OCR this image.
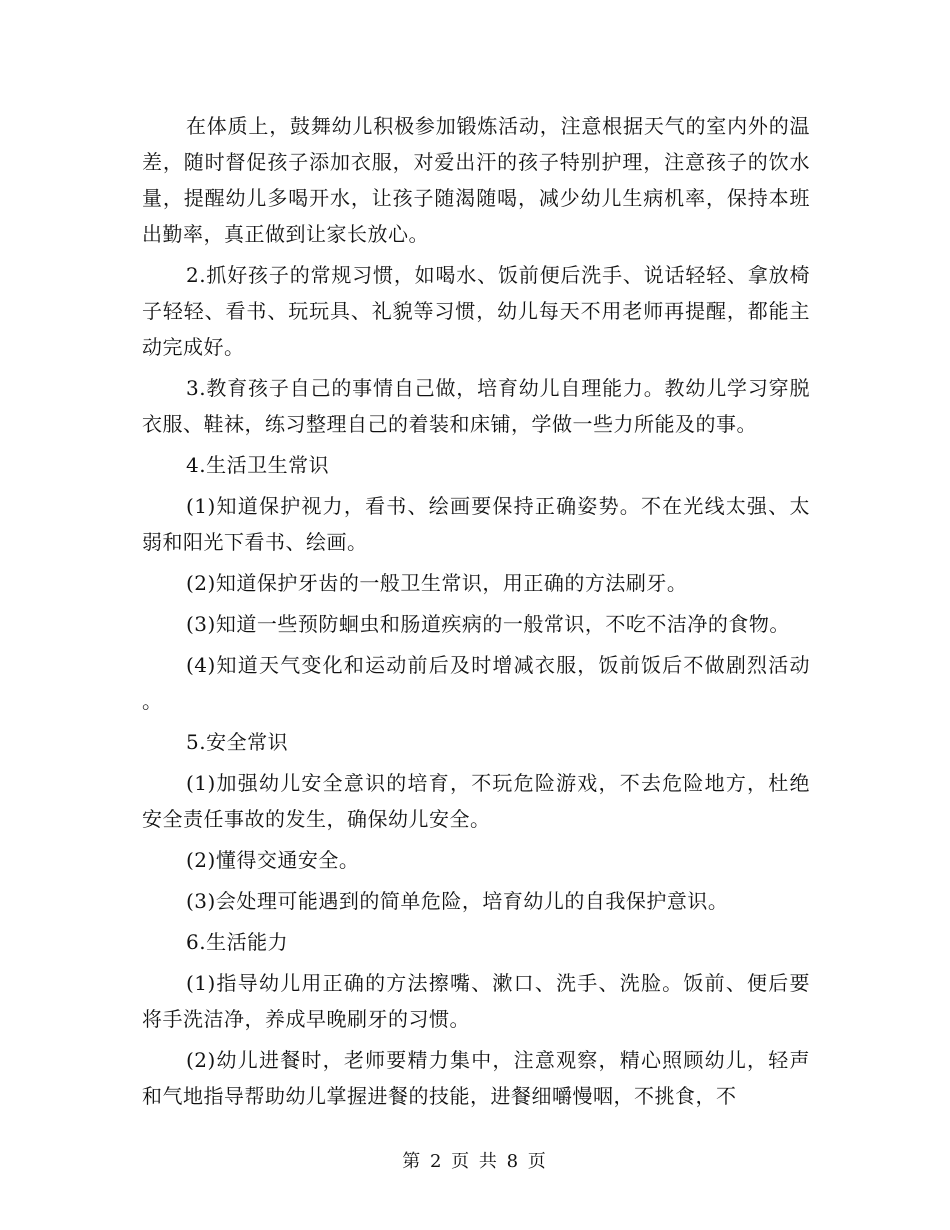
在体质上，鼓舞幼儿积极参加锻炼活动，注意根据天气的室内外的温差，随时督促孩子添加衣服，对爱出汗的孩子特别护理，注意孩子的饮水量，提醒幼儿多喝开水，让孩子随渴随喝，减少幼儿生病机率，保持本班出勤率，真正做到让家长放心。

2.抓好孩子的常规习惯，如喝水、饭前便后洗手、说话轻轻、拿放椅子轻轻、看书、玩玩具、礼貌等习惯，幼儿每天不用老师再提醒，都能主动完成好。

3.教育孩子自己的事情自己做，培育幼儿自理能力。教幼儿学习穿脱衣服、鞋袜，练习整理自己的着装和床铺，学做一些力所能及的事。

4.生活卫生常识

(1)知道保护视力，看书、绘画要保持正确姿势。不在光线太强、太弱和阳光下看书、绘画。

(2)知道保护牙齿的一般卫生常识，用正确的方法刷牙。

(3)知道一些预防蛔虫和肠道疾病的一般常识，不吃不洁净的食物。

(4)知道天气变化和运动前后及时增减衣服，饭前饭后不做剧烈活动。

5.安全常识

(1)加强幼儿安全意识的培育，不玩危险游戏，不去危险地方，杜绝安全责任事故的发生，确保幼儿安全。

(2)懂得交通安全。

(3)会处理可能遇到的简单危险，培育幼儿的自我保护意识。

6.生活能力

(1)指导幼儿用正确的方法擦嘴、漱口、洗手、洗脸。饭前、便后要将手洗洁净，养成早晚刷牙的习惯。

(2)幼儿进餐时，老师要精力集中，注意观察，精心照顾幼儿，轻声和气地指导帮助幼儿掌握进餐的技能，进餐细嚼慢咽，不挑食，不

第 2 页 共 8 页
